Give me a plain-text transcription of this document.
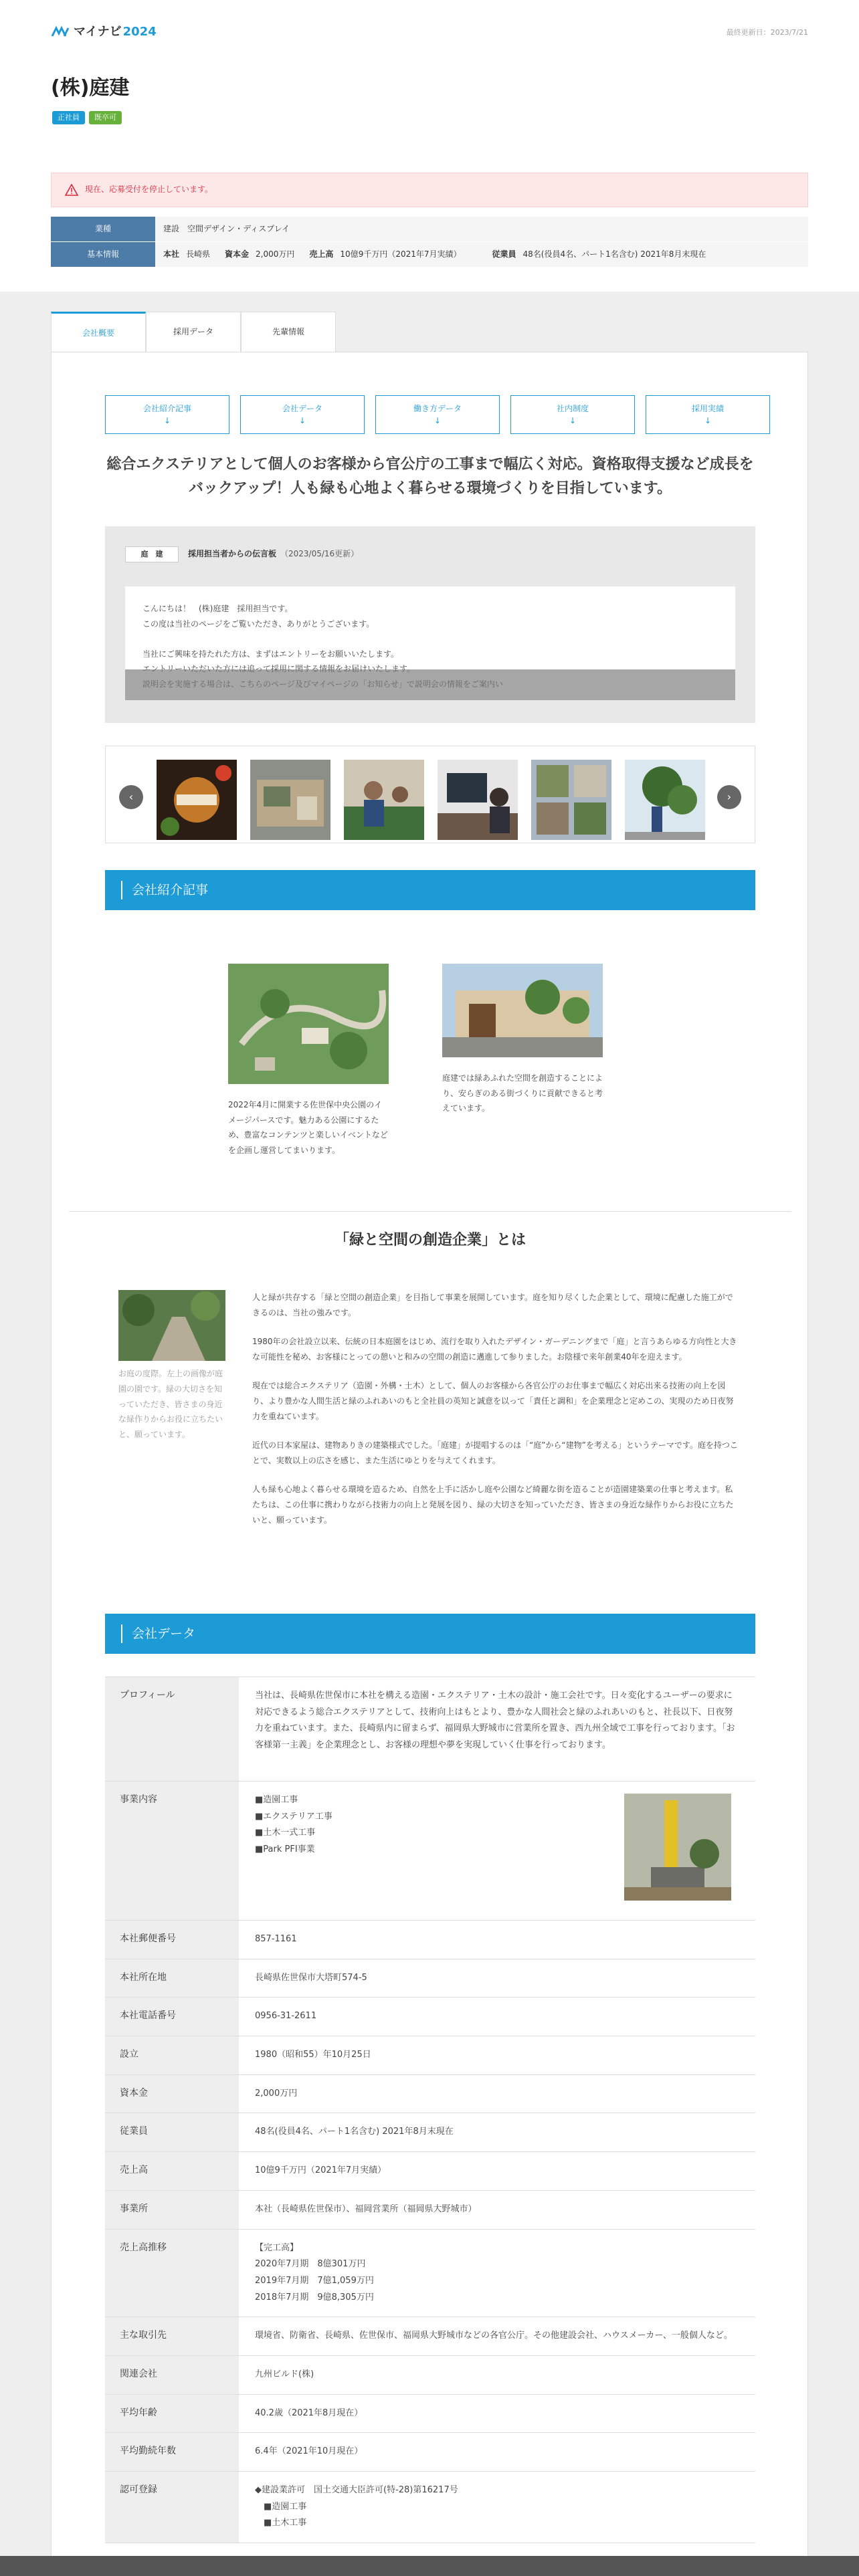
マイナビ 2024	最終更新日：2023/7/21
(株)庭建
正社員	既卒可
現在、応募受付を停止しています。
業種	建設　空間デザイン・ディスプレイ
基本情報	本社 長崎県 資本金 2,000万円 売上高 10億9千万円（2021年7月実績）	従業員 48名(役員4名、パート1名含む) 2021年8月末現在
会社概要	採用データ	先輩情報
会社紹介記事
↓
会社データ
↓
働き方データ
↓
社内制度
↓
採用実績
↓
総合エクステリアとして個人のお客様から官公庁の工事まで幅広く対応。資格取得支援など成長をバックアップ！人も緑も心地よく暮らせる環境づくりを目指しています。
庭　建	採用担当者からの伝言板 （2023/05/16更新）
こんにちは！　(株)庭建　採用担当です。
この度は当社のページをご覧いただき、ありがとうございます。
当社にご興味を持たれた方は、まずはエントリーをお願いいたします。
‹	›
会社紹介記事
2022年4月に開業する佐世保中央公園のイメージパースです。魅力ある公園にするため、豊富なコンテンツと楽しいイベントなどを企画し運営してまいります。
庭建では緑あふれた空間を創造することにより、安らぎのある街づくりに貢献できると考えています。
「緑と空間の創造企業」とは
お庭の度際。左上の画像が庭園の園です。緑の大切さを知っていただき、皆さまの身近な緑作りからお役に立ちたいと、願っています。

人と緑が共存する「緑と空間の創造企業」を目指して事業を展開しています。庭を知り尽くした企業として、環境に配慮した施工ができるのは、当社の強みです。

1980年の会社設立以来、伝統の日本庭園をはじめ、流行を取り入れたデザイン・ガーデニングまで「庭」と言うあらゆる方向性と大きな可能性を秘め、お客様にとっての憩いと和みの空間の創造に邁進して参りました。お陰様で来年創業40年を迎えます。

現在では総合エクステリア（造園・外構・土木）として、個人のお客様から各官公庁のお仕事まで幅広く対応出来る技術の向上を図り、より豊かな人間生活と緑のふれあいのもと全社員の英知と誠意を以って「責任と調和」を企業理念と定めこの、実現のため日夜努力を重ねています。

近代の日本家屋は、建物ありきの建築様式でした。「庭建」が提唱するのは「“庭”から“建物”を考える」というテーマです。庭を持つことで、実数以上の広さを感じ、また生活にゆとりを与えてくれます。

人も緑も心地よく暮らせる環境を造るため、自然を上手に活かし庭や公園など綺麗な街を造ることが造園建築業の仕事と考えます。私たちは、この仕事に携わりながら技術力の向上と発展を図り、緑の大切さを知っていただき、皆さまの身近な緑作りからお役に立ちたいと、願っています。

会社データ
プロフィール	当社は、長崎県佐世保市に本社を構える造園・エクステリア・土木の設計・施工会社です。日々変化するユーザーの要求に対応できるよう総合エクステリアとして、技術向上はもとより、豊かな人間社会と緑のふれあいのもと、社長以下、日夜努力を重ねています。また、長崎県内に留まらず、福岡県大野城市に営業所を置き、西九州全域で工事を行っております。「お客様第一主義」を企業理念とし、お客様の理想や夢を実現していく仕事を行っております。
事業内容	■造園工事
■エクステリア工事
■土木一式工事
■Park PFI事業
本社郵便番号	857-1161
本社所在地	長崎県佐世保市大塔町574-5
本社電話番号	0956-31-2611
設立	1980（昭和55）年10月25日
資本金	2,000万円
従業員	48名(役員4名、パート1名含む) 2021年8月末現在
売上高	10億9千万円（2021年7月実績）
事業所	本社（長崎県佐世保市）、福岡営業所（福岡県大野城市）
売上高推移	【完工高】
2020年7月期　8億301万円
2019年7月期　7億1,059万円
2018年7月期　9億8,305万円
主な取引先	環境省、防衛省、長崎県、佐世保市、福岡県大野城市などの各官公庁。その他建設会社、ハウスメーカー、一般個人など。
関連会社	九州ビルド(株)
平均年齢	40.2歳（2021年8月現在）
平均勤続年数	6.4年（2021年10月現在）
認可登録	◆建設業許可　国土交通大臣許可(特-28)第16217号
　■造園工事
　■土木工事
